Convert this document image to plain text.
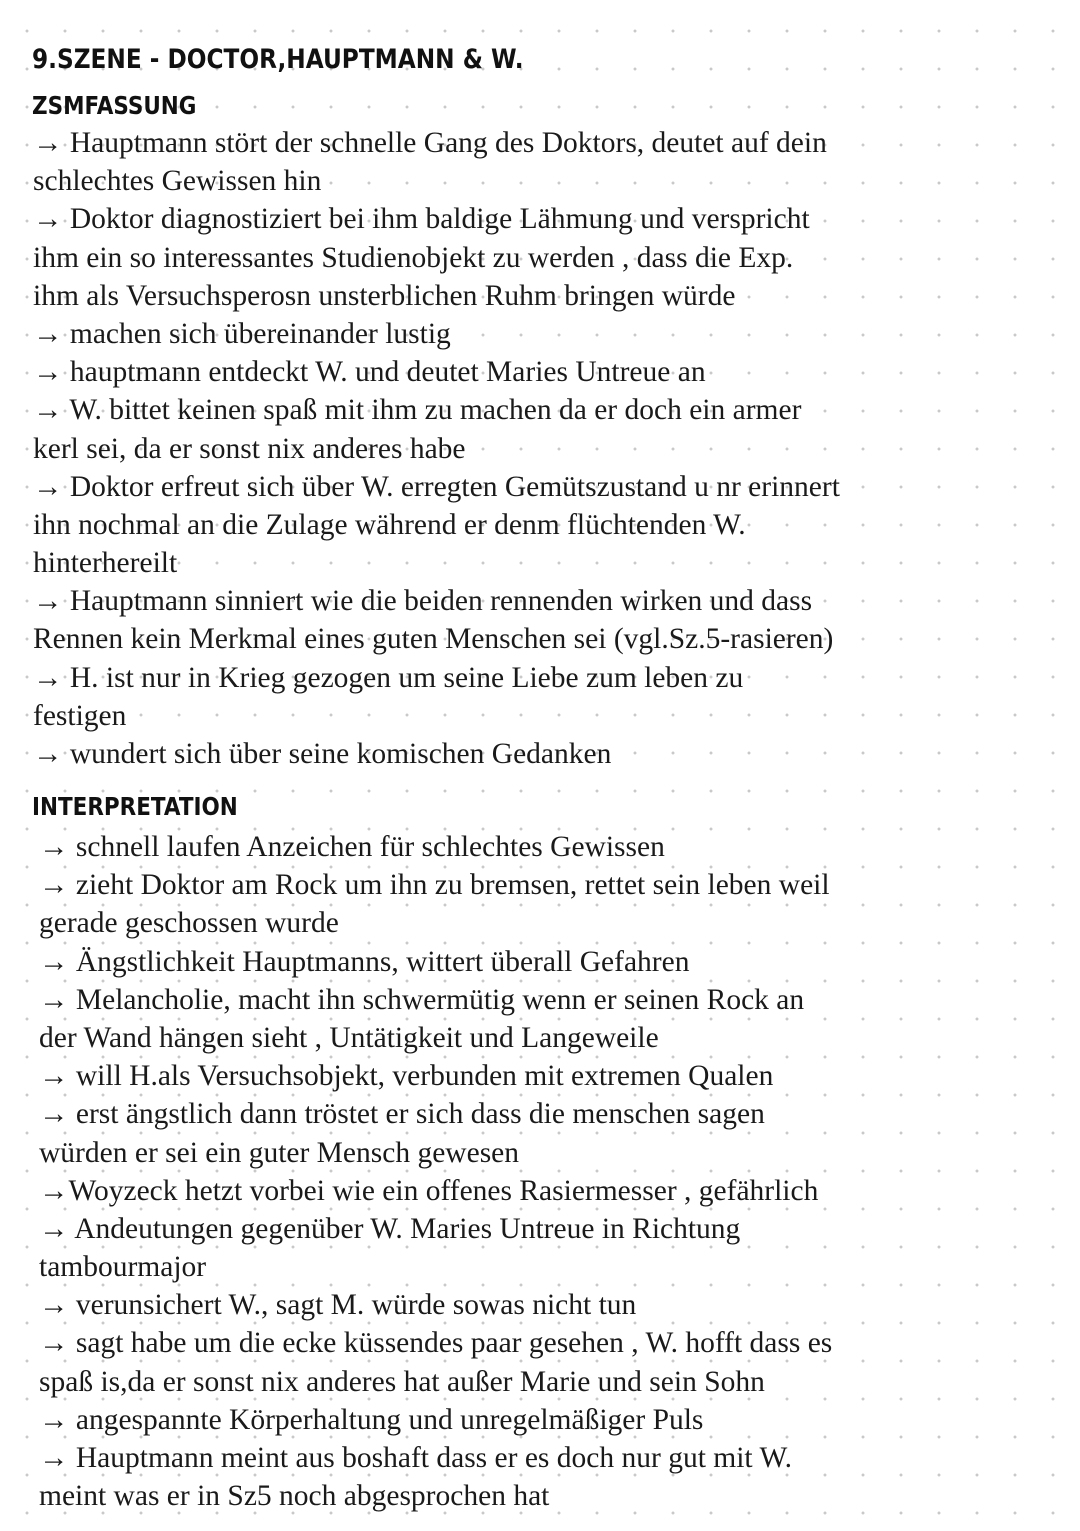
9.SZENE - DOCTOR,HAUPTMANN & W.
ZSMFASSUNG
→ Hauptmann stört der schnelle Gang des Doktors, deutet auf dein
schlechtes Gewissen hin
→ Doktor diagnostiziert bei ihm baldige Lähmung und verspricht
ihm ein so interessantes Studienobjekt zu werden , dass die Exp.
ihm als Versuchsperosn unsterblichen Ruhm bringen würde
→ machen sich übereinander lustig
→ hauptmann entdeckt W. und deutet Maries Untreue an
→ W. bittet keinen spaß mit ihm zu machen da er doch ein armer
kerl sei, da er sonst nix anderes habe
→ Doktor erfreut sich über W. erregten Gemütszustand u nr erinnert
ihn nochmal an die Zulage während er denm flüchtenden W.
hinterhereilt
→ Hauptmann sinniert wie die beiden rennenden wirken und dass
Rennen kein Merkmal eines guten Menschen sei (vgl.Sz.5-rasieren)
→ H. ist nur in Krieg gezogen um seine Liebe zum leben zu
festigen
→ wundert sich über seine komischen Gedanken
INTERPRETATION
→ schnell laufen Anzeichen für schlechtes Gewissen
→ zieht Doktor am Rock um ihn zu bremsen, rettet sein leben weil
gerade geschossen wurde
→ Ängstlichkeit Hauptmanns, wittert überall Gefahren
→ Melancholie, macht ihn schwermütig wenn er seinen Rock an
der Wand hängen sieht , Untätigkeit und Langeweile
→ will H.als Versuchsobjekt, verbunden mit extremen Qualen
→ erst ängstlich dann tröstet er sich dass die menschen sagen
würden er sei ein guter Mensch gewesen
→Woyzeck hetzt vorbei wie ein offenes Rasiermesser , gefährlich
→ Andeutungen gegenüber W. Maries Untreue in Richtung
tambourmajor
→ verunsichert W., sagt M. würde sowas nicht tun
→ sagt habe um die ecke küssendes paar gesehen , W. hofft dass es
spaß is,da er sonst nix anderes hat außer Marie und sein Sohn
→ angespannte Körperhaltung und unregelmäßiger Puls
→ Hauptmann meint aus boshaft dass er es doch nur gut mit W.
meint was er in Sz5 noch abgesprochen hat
